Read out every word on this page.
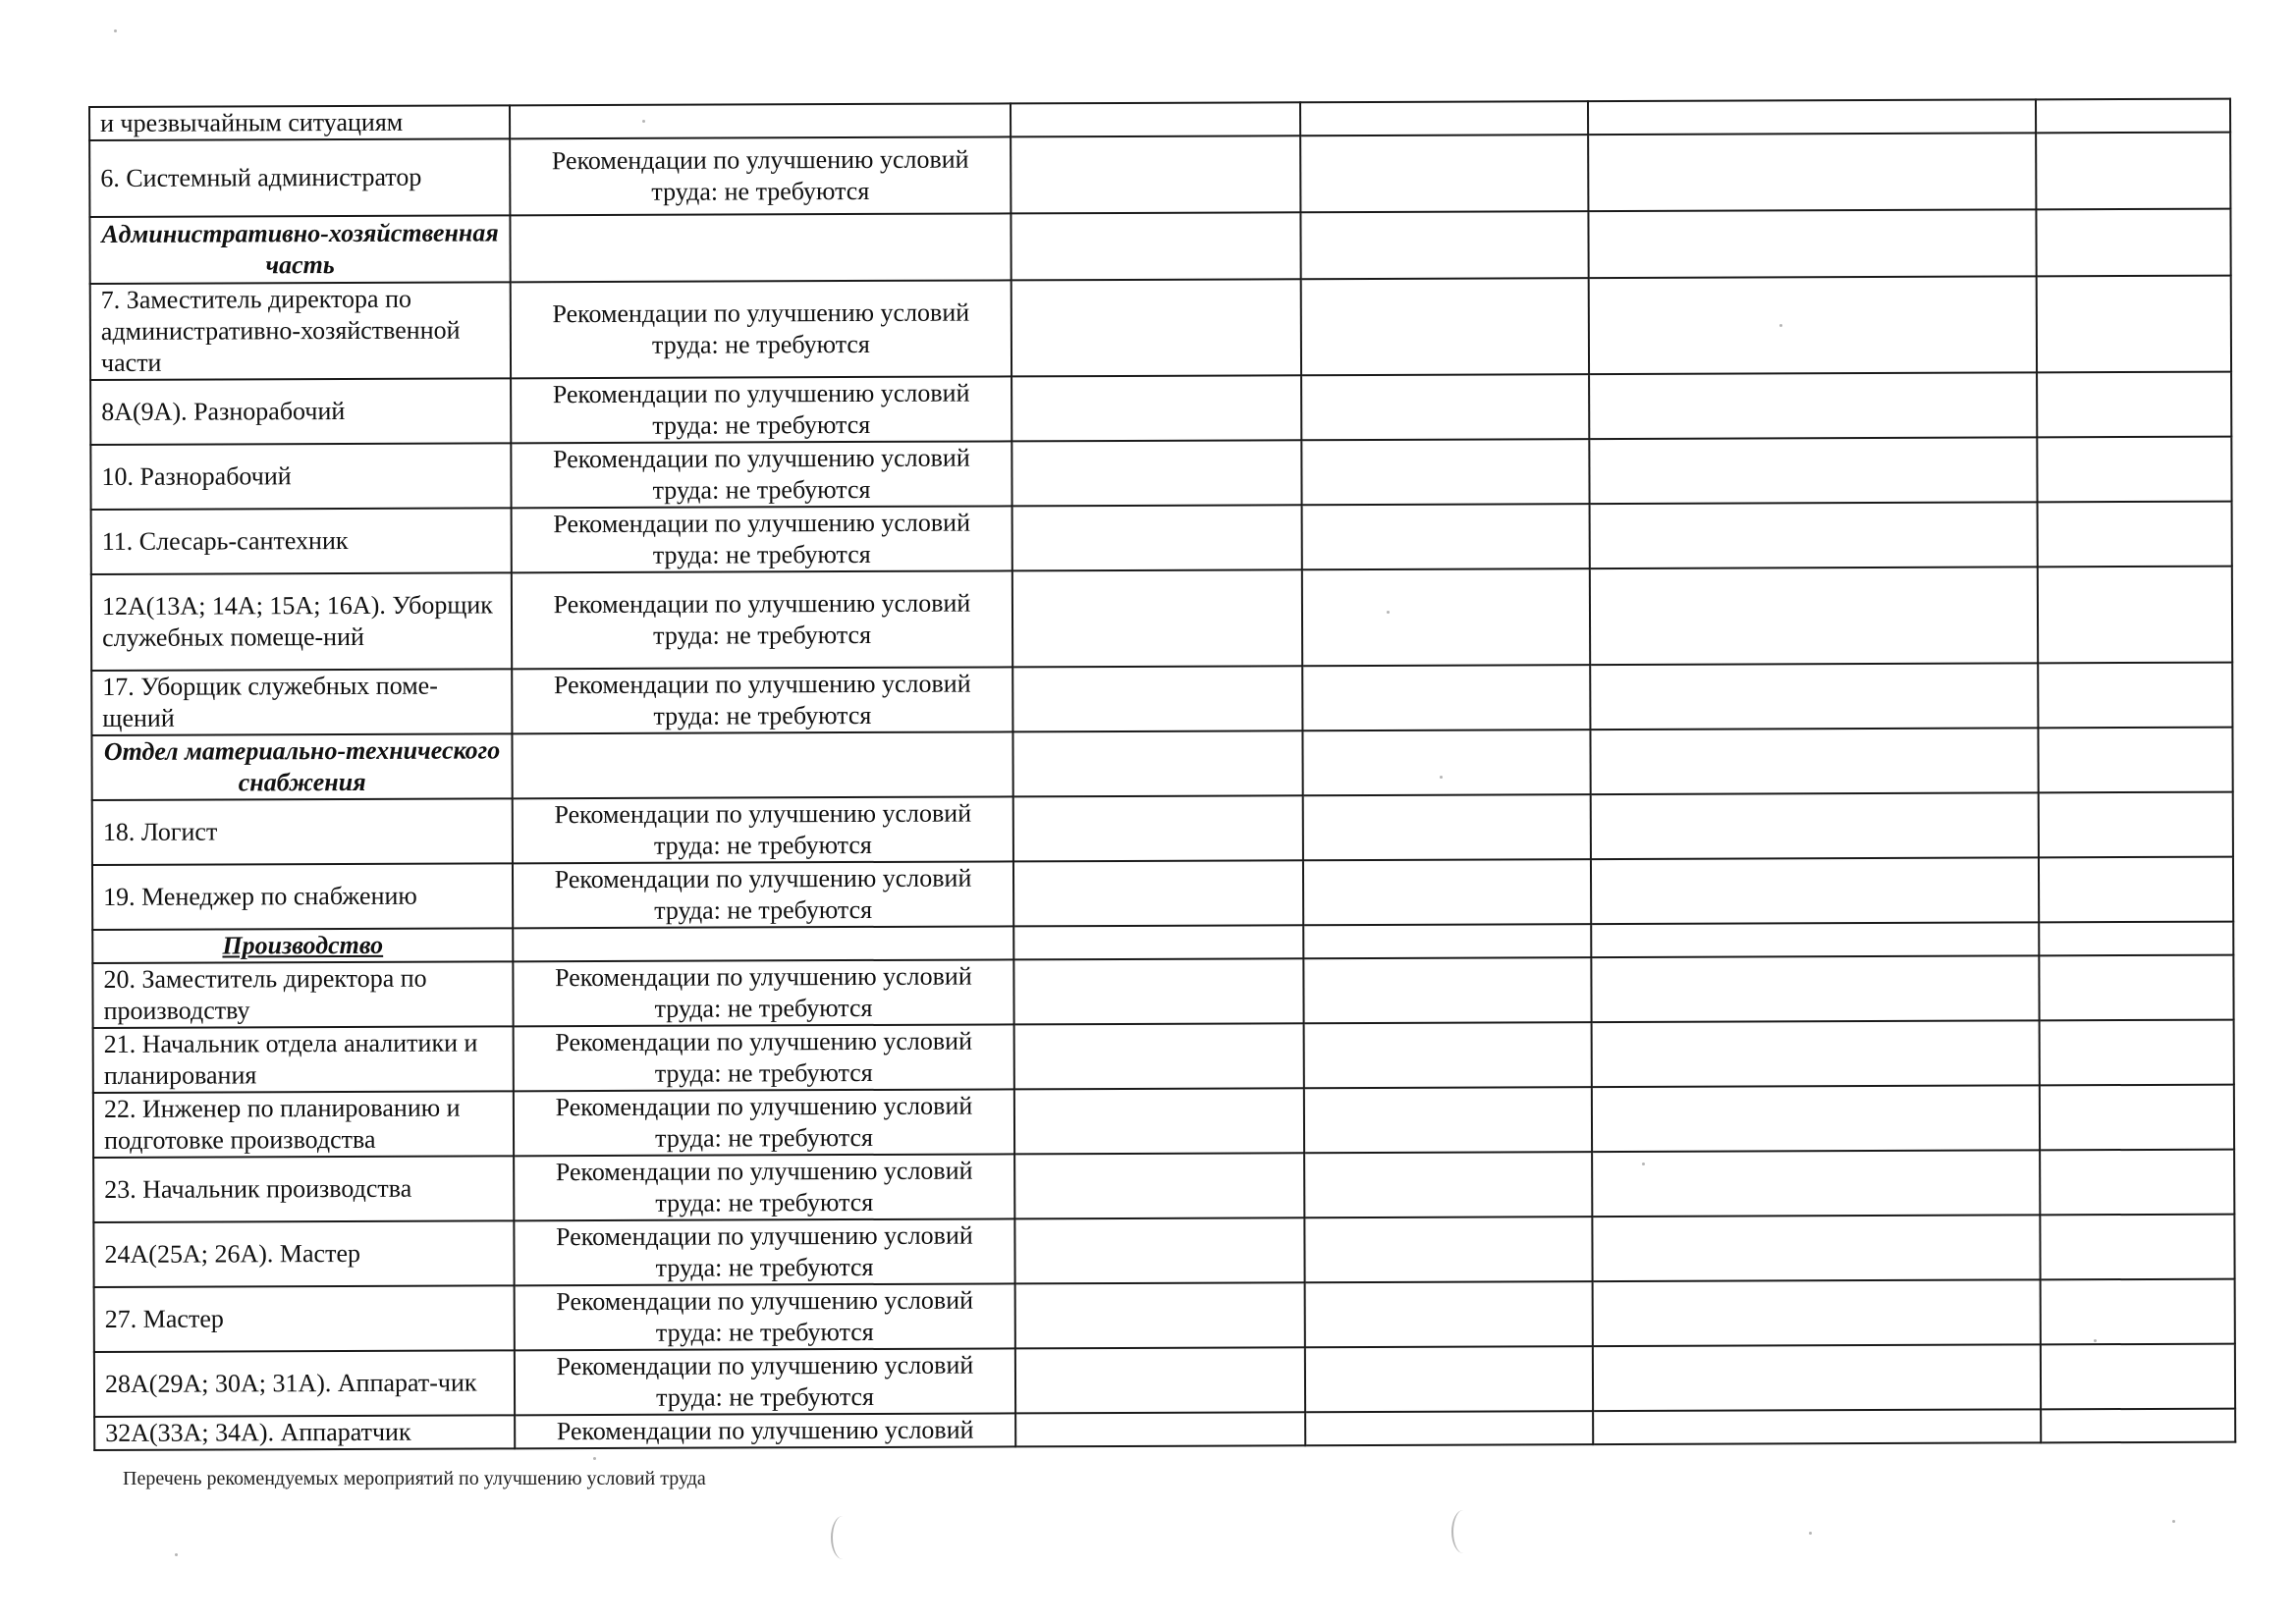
и чрезвычайным ситуациям					
6. Системный администратор	Рекомендации по улучшению условий труда: не требуются				
Административно-хозяйственная часть					
7. Заместитель директора по административно-хозяйственной части	Рекомендации по улучшению условий труда: не требуются				
8А(9А). Разнорабочий	Рекомендации по улучшению условий труда: не требуются				
10. Разнорабочий	Рекомендации по улучшению условий труда: не требуются				
11. Слесарь-сантехник	Рекомендации по улучшению условий труда: не требуются				
12А(13А; 14А; 15А; 16А). Уборщик служебных помеще-ний	Рекомендации по улучшению условий труда: не требуются				
17. Уборщик служебных поме-щений	Рекомендации по улучшению условий труда: не требуются				
Отдел материально-технического снабжения					
18. Логист	Рекомендации по улучшению условий труда: не требуются				
19. Менеджер по снабжению	Рекомендации по улучшению условий труда: не требуются				
Производство					
20. Заместитель директора по производству	Рекомендации по улучшению условий труда: не требуются				
21. Начальник отдела аналитики и планирования	Рекомендации по улучшению условий труда: не требуются				
22. Инженер по планированию и подготовке производства	Рекомендации по улучшению условий труда: не требуются				
23. Начальник производства	Рекомендации по улучшению условий труда: не требуются				
24А(25А; 26А). Мастер	Рекомендации по улучшению условий труда: не требуются				
27. Мастер	Рекомендации по улучшению условий труда: не требуются				
28А(29А; 30А; 31А). Аппарат-чик	Рекомендации по улучшению условий труда: не требуются				
32А(33А; 34А). Аппаратчик	Рекомендации по улучшению условий				
Перечень рекомендуемых мероприятий по улучшению условий труда
